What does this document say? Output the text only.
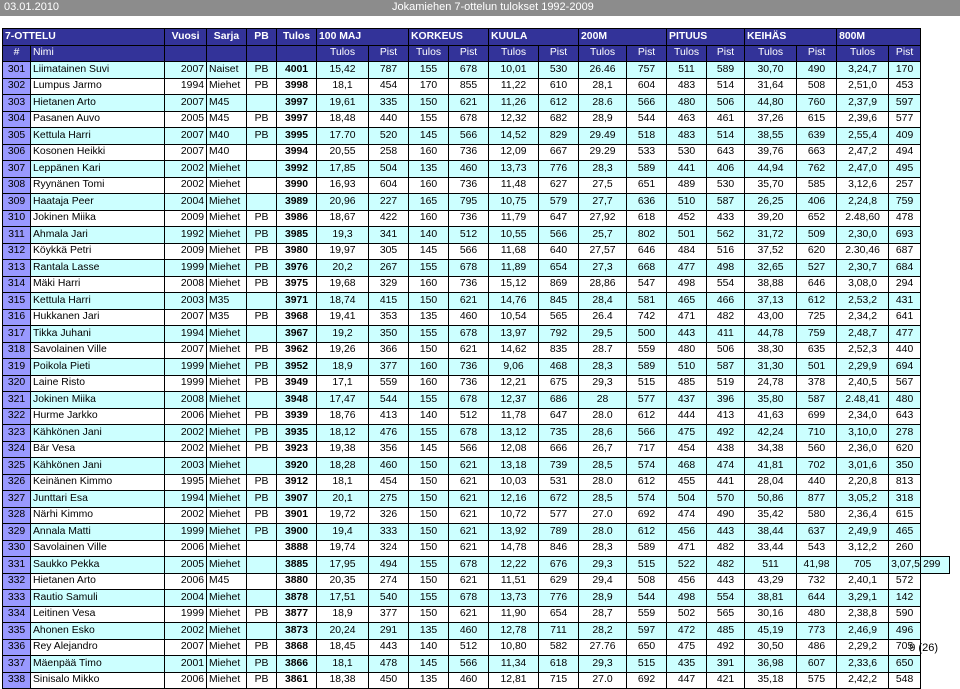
03.01.2010	Jokamiehen 7-ottelun tulokset 1992-2009
7-OTTELU		Vuosi	Sarja	PB	Tulos	100 MAJ		KORKEUS		KUULA		200M		PITUUS		KEIHÄS		800M		
#	Nimi					Tulos	Pist	Tulos	Pist	Tulos	Pist	Tulos	Pist	Tulos	Pist	Tulos	Pist	Tulos	Pist	
301	Liimatainen Suvi	2007	Naiset	PB	4001	15,42	787	155	678	10,01	530	26.46	757	511	589	30,70	490	3,24,7	170	
302	Lumpus Jarmo	1994	Miehet	PB	3998	18,1	454	170	855	11,22	610	28,1	604	483	514	31,64	508	2,51,0	453	
303	Hietanen Arto	2007	M45		3997	19,61	335	150	621	11,26	612	28.6	566	480	506	44,80	760	2,37,9	597	
304	Pasanen Auvo	2005	M45	PB	3997	18,48	440	155	678	12,32	682	28,9	544	463	461	37,26	615	2,39,6	577	
305	Kettula Harri	2007	M40	PB	3995	17.70	520	145	566	14,52	829	29.49	518	483	514	38,55	639	2,55,4	409	
306	Kosonen Heikki	2007	M40		3994	20,55	258	160	736	12,09	667	29.29	533	530	643	39,76	663	2,47,2	494	
307	Leppänen Kari	2002	Miehet		3992	17,85	504	135	460	13,73	776	28,3	589	441	406	44,94	762	2,47,0	495	
308	Ryynänen Tomi	2002	Miehet		3990	16,93	604	160	736	11,48	627	27,5	651	489	530	35,70	585	3,12,6	257	
309	Haataja Peer	2004	Miehet		3989	20,96	227	165	795	10,75	579	27,7	636	510	587	26,25	406	2,24,8	759	
310	Jokinen Miika	2009	Miehet	PB	3986	18,67	422	160	736	11,79	647	27,92	618	452	433	39,20	652	2.48,60	478	
311	Ahmala Jari	1992	Miehet	PB	3985	19,3	341	140	512	10,55	566	25,7	802	501	562	31,72	509	2,30,0	693	
312	Köykkä Petri	2009	Miehet	PB	3980	19,97	305	145	566	11,68	640	27,57	646	484	516	37,52	620	2.30,46	687	
313	Rantala Lasse	1999	Miehet	PB	3976	20,2	267	155	678	11,89	654	27,3	668	477	498	32,65	527	2,30,7	684	
314	Mäki Harri	2008	Miehet	PB	3975	19,68	329	160	736	15,12	869	28,86	547	498	554	38,88	646	3,08,0	294	
315	Kettula Harri	2003	M35		3971	18,74	415	150	621	14,76	845	28,4	581	465	466	37,13	612	2,53,2	431	
316	Hukkanen Jari	2007	M35	PB	3968	19,41	353	135	460	10,54	565	26.4	742	471	482	43,00	725	2,34,2	641	
317	Tikka Juhani	1994	Miehet		3967	19,2	350	155	678	13,97	792	29,5	500	443	411	44,78	759	2,48,7	477	
318	Savolainen Ville	2007	Miehet	PB	3962	19,26	366	150	621	14,62	835	28.7	559	480	506	38,30	635	2,52,3	440	
319	Poikola Pieti	1999	Miehet	PB	3952	18,9	377	160	736	9,06	468	28,3	589	510	587	31,30	501	2,29,9	694	
320	Laine Risto	1999	Miehet	PB	3949	17,1	559	160	736	12,21	675	29,3	515	485	519	24,78	378	2,40,5	567	
321	Jokinen Miika	2008	Miehet		3948	17,47	544	155	678	12,37	686	28	577	437	396	35,80	587	2.48,41	480	
322	Hurme Jarkko	2006	Miehet	PB	3939	18,76	413	140	512	11,78	647	28.0	612	444	413	41,63	699	2,34,0	643	
323	Kähkönen Jani	2002	Miehet	PB	3935	18,12	476	155	678	13,12	735	28,6	566	475	492	42,24	710	3,10,0	278	
324	Bär Vesa	2002	Miehet	PB	3923	19,38	356	145	566	12,08	666	26,7	717	454	438	34,38	560	2,36,0	620	
325	Kähkönen Jani	2003	Miehet		3920	18,28	460	150	621	13,18	739	28,5	574	468	474	41,81	702	3,01,6	350	
326	Keinänen Kimmo	1995	Miehet	PB	3912	18,1	454	150	621	10,03	531	28.0	612	455	441	28,04	440	2,20,8	813	
327	Junttari Esa	1994	Miehet	PB	3907	20,1	275	150	621	12,16	672	28,5	574	504	570	50,86	877	3,05,2	318	
328	Närhi Kimmo	2002	Miehet	PB	3901	19,72	326	150	621	10,72	577	27.0	692	474	490	35,42	580	2,36,4	615	
329	Annala Matti	1999	Miehet	PB	3900	19,4	333	150	621	13,92	789	28.0	612	456	443	38,44	637	2,49,9	465	
330	Savolainen Ville	2006	Miehet		3888	19,74	324	150	621	14,78	846	28,3	589	471	482	33,44	543	3,12,2	260	
331	Saukko Pekka	2005	Miehet		3885	17,95	494	155	678	12,22	676	29,3	515	522	482	511	41,98	705	3,07,5	299
332	Hietanen Arto	2006	M45		3880	20,35	274	150	621	11,51	629	29,4	508	456	443	43,29	732	2,40,1	572	
333	Rautio Samuli	2004	Miehet		3878	17,51	540	155	678	13,73	776	28,9	544	498	554	38,81	644	3,29,1	142	
334	Leitinen Vesa	1999	Miehet	PB	3877	18,9	377	150	621	11,90	654	28,7	559	502	565	30,16	480	2,38,8	590	
335	Ahonen Esko	2002	Miehet		3873	20,24	291	135	460	12,78	711	28,2	597	472	485	45,19	773	2,46,9	496	
336	Rey Alejandro	2007	Miehet	PB	3868	18,45	443	140	512	10,80	582	27.76	650	475	492	30,50	486	2,29,2	705	
337	Mäenpää Timo	2001	Miehet	PB	3866	18,1	478	145	566	11,34	618	29,3	515	435	391	36,98	607	2,33,6	650	
338	Sinisalo Mikko	2006	Miehet	PB	3861	18,38	450	135	460	12,81	715	27.0	692	447	421	35,18	575	2,42,2	548	
9 (26)
